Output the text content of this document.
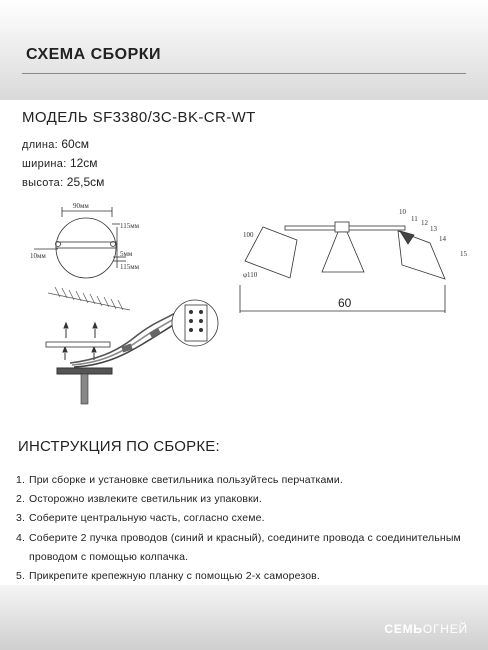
СХЕМА СБОРКИ
МОДЕЛЬ SF3380/3C-BK-CR-WT
длина: 60см
ширина: 12см
высота: 25,5см
90мм
115мм
10мм	5мм
115мм
10
11 12
13
14
15
100
φ110
60
ИНСТРУКЦИЯ ПО СБОРКЕ:
1. При сборке и установке светильника пользуйтесь перчатками.
2. Осторожно извлеките светильник из упаковки.
3. Соберите центральную часть, согласно схеме.
4. Соберите 2 пучка проводов (синий и красный), соедините провода с соединительным
проводом с помощью колпачка.
5. Прикрепите крепежную планку с помощью 2-х саморезов.
СЕМЬОГНЕЙ
